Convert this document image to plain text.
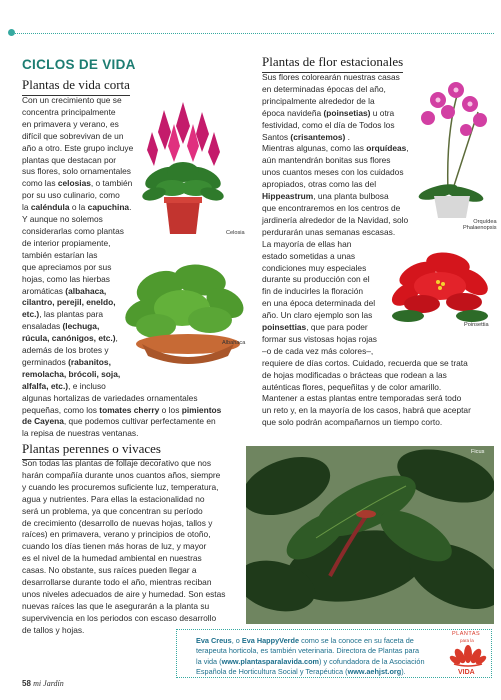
CICLOS DE VIDA
Plantas de vida corta

Con un crecimiento que se
concentra principalmente
en primavera y verano, es
difícil que sobrevivan de un
año a otro. Este grupo incluye
plantas que destacan por
sus flores, solo ornamentales
como las celosias, o también
por su uso culinario, como
la caléndula o la capuchina.
Y aunque no solemos
considerarlas como plantas
de interior propiamente,
también estarían las
que apreciamos por sus
hojas, como las hierbas
aromáticas (albahaca,
cilantro, perejil, eneldo,
etc.), las plantas para
ensaladas (lechuga,
rúcula, canónigos, etc.),
además de los brotes y
germinados (rabanitos,
remolacha, brócoli, soja,
alfalfa, etc.), e incluso
algunas hortalizas de variedades ornamentales
pequeñas, como los tomates cherry o los pimientos
de Cayena, que podemos cultivar perfectamente en
la repisa de nuestras ventanas.

Celosia
Albahaca
Plantas de flor estacionales

Sus flores colorearán nuestras casas
en determinadas épocas del año,
principalmente alrededor de la
época navideña (poinsetias) u otra
festividad, como el día de Todos los
Santos (crisantemos) .
Mientras algunas, como las orquídeas,
aún mantendrán bonitas sus flores
unos cuantos meses con los cuidados
apropiados, otras como las del
Hippeastrum, una planta bulbosa
que encontraremos en los centros de
jardinería alrededor de la Navidad, solo
perdurarán unas semanas escasas.
La mayoría de ellas han
estado sometidas a unas
condiciones muy especiales
durante su producción con el
fin de inducirles la floración
en una época determinada del
año. Un claro ejemplo son las
poinsettias, que para poder
formar sus vistosas hojas rojas
–o de cada vez más colores–,
requiere de días cortos. Cuidado, recuerda que se trata
de hojas modificadas o brácteas que rodean a las
auténticas flores, pequeñitas y de color amarillo.
Mantener a estas plantas entre temporadas será todo
un reto y, en la mayoría de los casos, habrá que aceptar
que solo podrán acompañarnos un tiempo corto.

Orquídea
Phalaenopsis
Poinsettia
Plantas perennes o vivaces

Son todas las plantas de follaje decorativo que nos
harán compañía durante unos cuantos años, siempre
y cuando les procuremos suficiente luz, temperatura,
agua y nutrientes. Para ellas la estacionalidad no
será un problema, ya que concentran su período
de crecimiento (desarrollo de nuevas hojas, tallos y
raíces) en primavera, verano y principios de otoño,
cuando los días tienen más horas de luz, y mayor
es el nivel de la humedad ambiental en nuestras
casas. No obstante, sus raíces pueden llegar a
desarrollarse durante todo el año, mientras reciban
unos niveles adecuados de aire y humedad. Son estas
nuevas raíces las que le asegurarán a la planta su
supervivencia en los periodos con escaso desarrollo
de tallos y hojas.

Ficus

Eva Creus, o Eva HappyVerde como se la conoce en su faceta de
terapeuta horticola, es también veterinaria. Directora de Plantas para
la vida (www.plantasparalavida.com) y cofundadora de la Asociación
Española de Horticultura Social y Terapéutica (www.aehjst.org).

PLANTAS
para la
VIDA
58 mi Jardín
